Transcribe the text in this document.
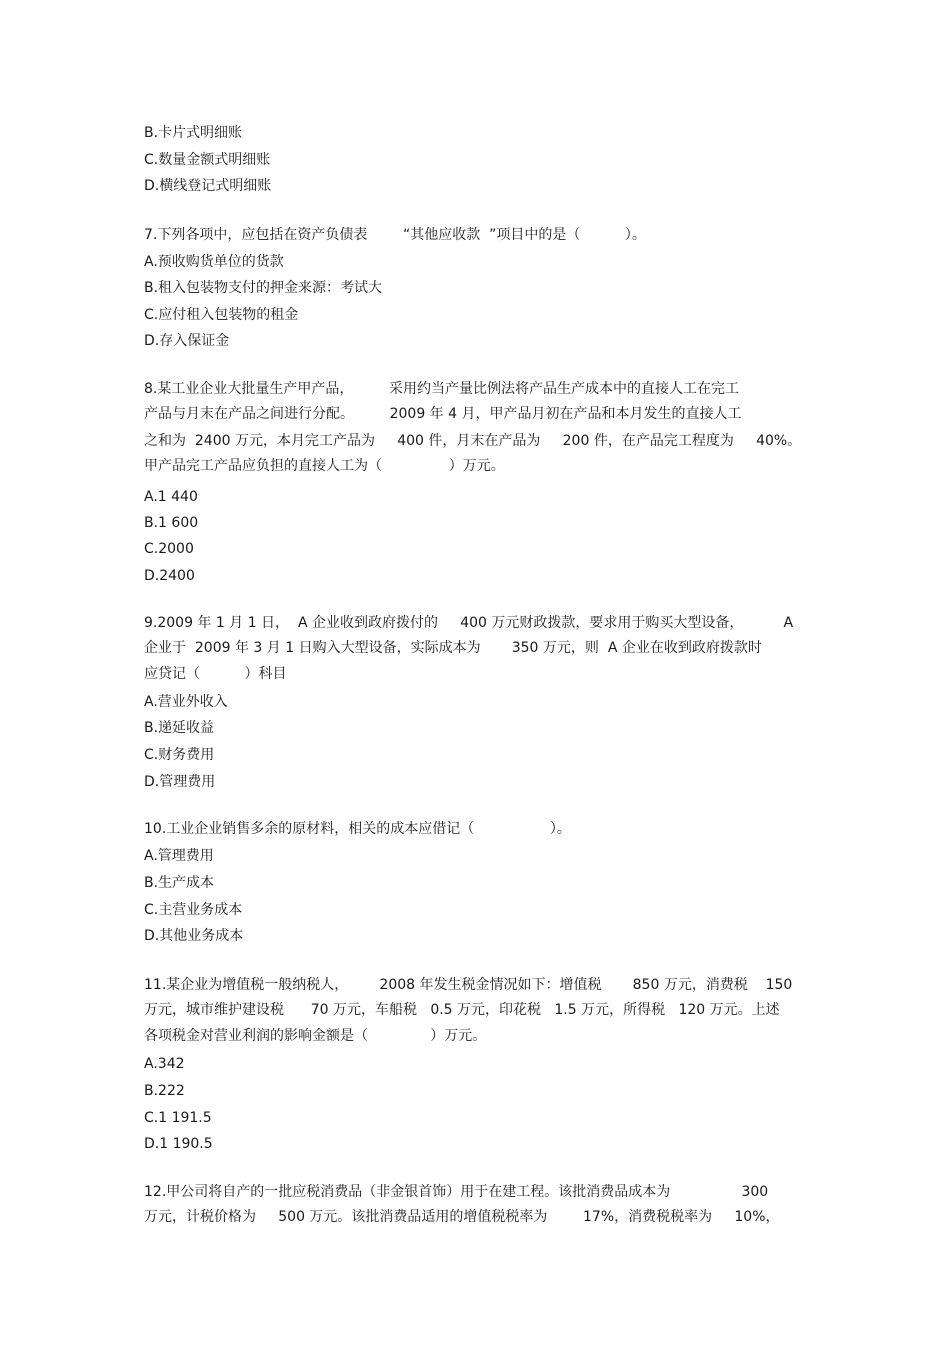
B.卡片式明细账
C.数量金额式明细账
D.横线登记式明细账
7.下列各项中，应包括在资产负债表        “其他应收款  ”项目中的是（          ）。
A.预收购货单位的货款
B.租入包装物支付的押金来源：考试大
C.应付租入包装物的租金
D.存入保证金
8.某工业企业大批量生产甲产品，        采用约当产量比例法将产品生产成本中的直接人工在完工
产品与月末在产品之间进行分配。        2009 年 4 月，甲产品月初在产品和本月发生的直接人工
之和为  2400 万元，本月完工产品为     400 件，月末在产品为     200 件，在产品完工程度为     40%。
甲产品完工产品应负担的直接人工为（               ）万元。
A.1 440
B.1 600
C.2000
D.2400
9.2009 年 1 月 1 日，  A 企业收到政府拨付的     400 万元财政拨款，要求用于购买大型设备，         A
企业于  2009 年 3 月 1 日购入大型设备，实际成本为       350 万元，则  A 企业在收到政府拨款时
应贷记（          ）科目
A.营业外收入
B.递延收益
C.财务费用
D.管理费用
10.工业企业销售多余的原材料，相关的成本应借记（                 ）。
A.管理费用
B.生产成本
C.主营业务成本
D.其他业务成本
11.某企业为增值税一般纳税人，       2008 年发生税金情况如下：增值税       850 万元，消费税    150
万元，城市维护建设税      70 万元，车船税   0.5 万元，印花税   1.5 万元，所得税   120 万元。上述
各项税金对营业利润的影响金额是（              ）万元。
A.342
B.222
C.1 191.5
D.1 190.5
12.甲公司将自产的一批应税消费品（非金银首饰）用于在建工程。该批消费品成本为                300
万元，计税价格为     500 万元。该批消费品适用的增值税税率为        17%，消费税税率为     10%，
